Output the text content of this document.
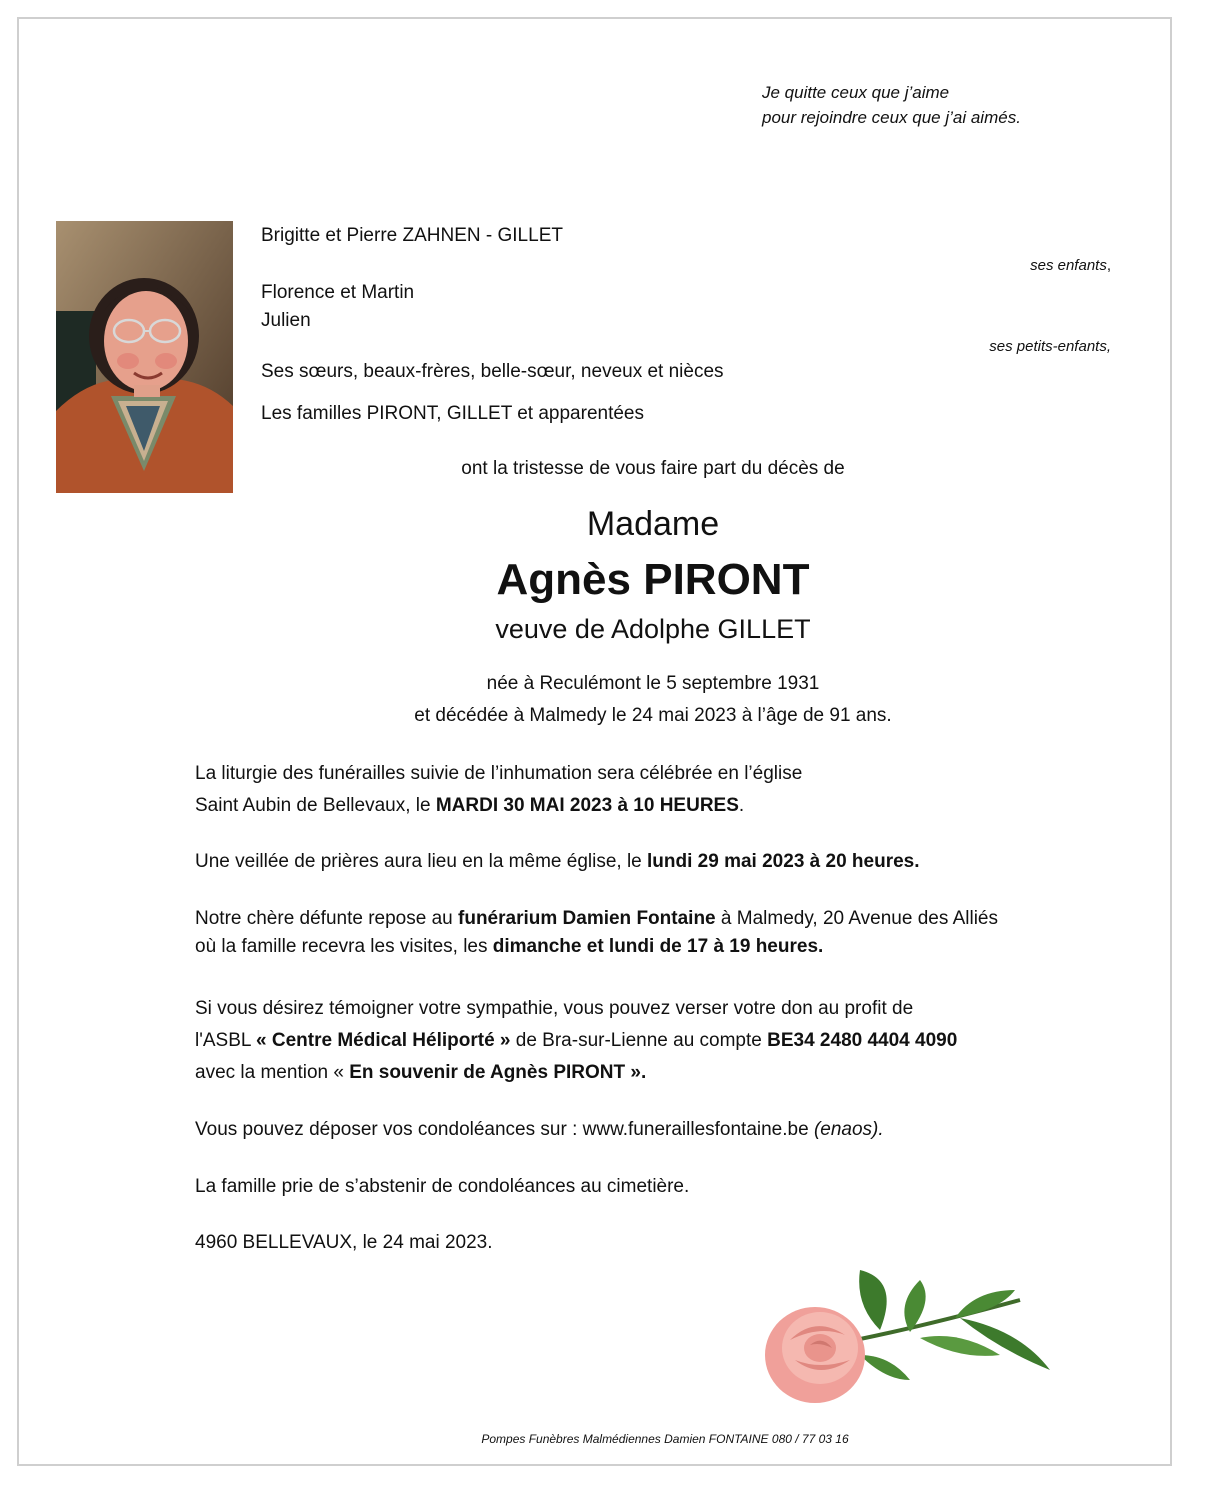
Je quitte ceux que j’aime
pour rejoindre ceux que j’ai aimés.
Brigitte et Pierre ZAHNEN - GILLET
ses enfants,
Florence et Martin
Julien
ses petits-enfants,
Ses sœurs, beaux-frères, belle-sœur, neveux et nièces
Les familles PIRONT, GILLET et apparentées
ont la tristesse de vous faire part du décès de
Madame
Agnès PIRONT
veuve de Adolphe GILLET
née à Reculémont le 5 septembre 1931
et décédée à Malmedy le 24 mai 2023 à l’âge de 91 ans.
La liturgie des funérailles suivie de l’inhumation sera célébrée en l’église
Saint Aubin de Bellevaux, le MARDI 30 MAI 2023 à 10 HEURES.
Une veillée de prières aura lieu en la même église, le lundi 29 mai 2023 à 20 heures.
Notre chère défunte repose au funérarium Damien Fontaine à Malmedy, 20 Avenue des Alliés
où la famille recevra les visites, les dimanche et lundi de 17 à 19 heures.
Si vous désirez témoigner votre sympathie, vous pouvez verser votre don au profit de
l'ASBL « Centre Médical Héliporté » de Bra-sur-Lienne au compte BE34 2480 4404 4090
avec la mention « En souvenir de Agnès PIRONT ».
Vous pouvez déposer vos condoléances sur : www.funeraillesfontaine.be (enaos).
La famille prie de s’abstenir de condoléances au cimetière.
4960 BELLEVAUX, le 24 mai 2023.
Pompes Funèbres Malmédiennes Damien FONTAINE 080 / 77 03 16
